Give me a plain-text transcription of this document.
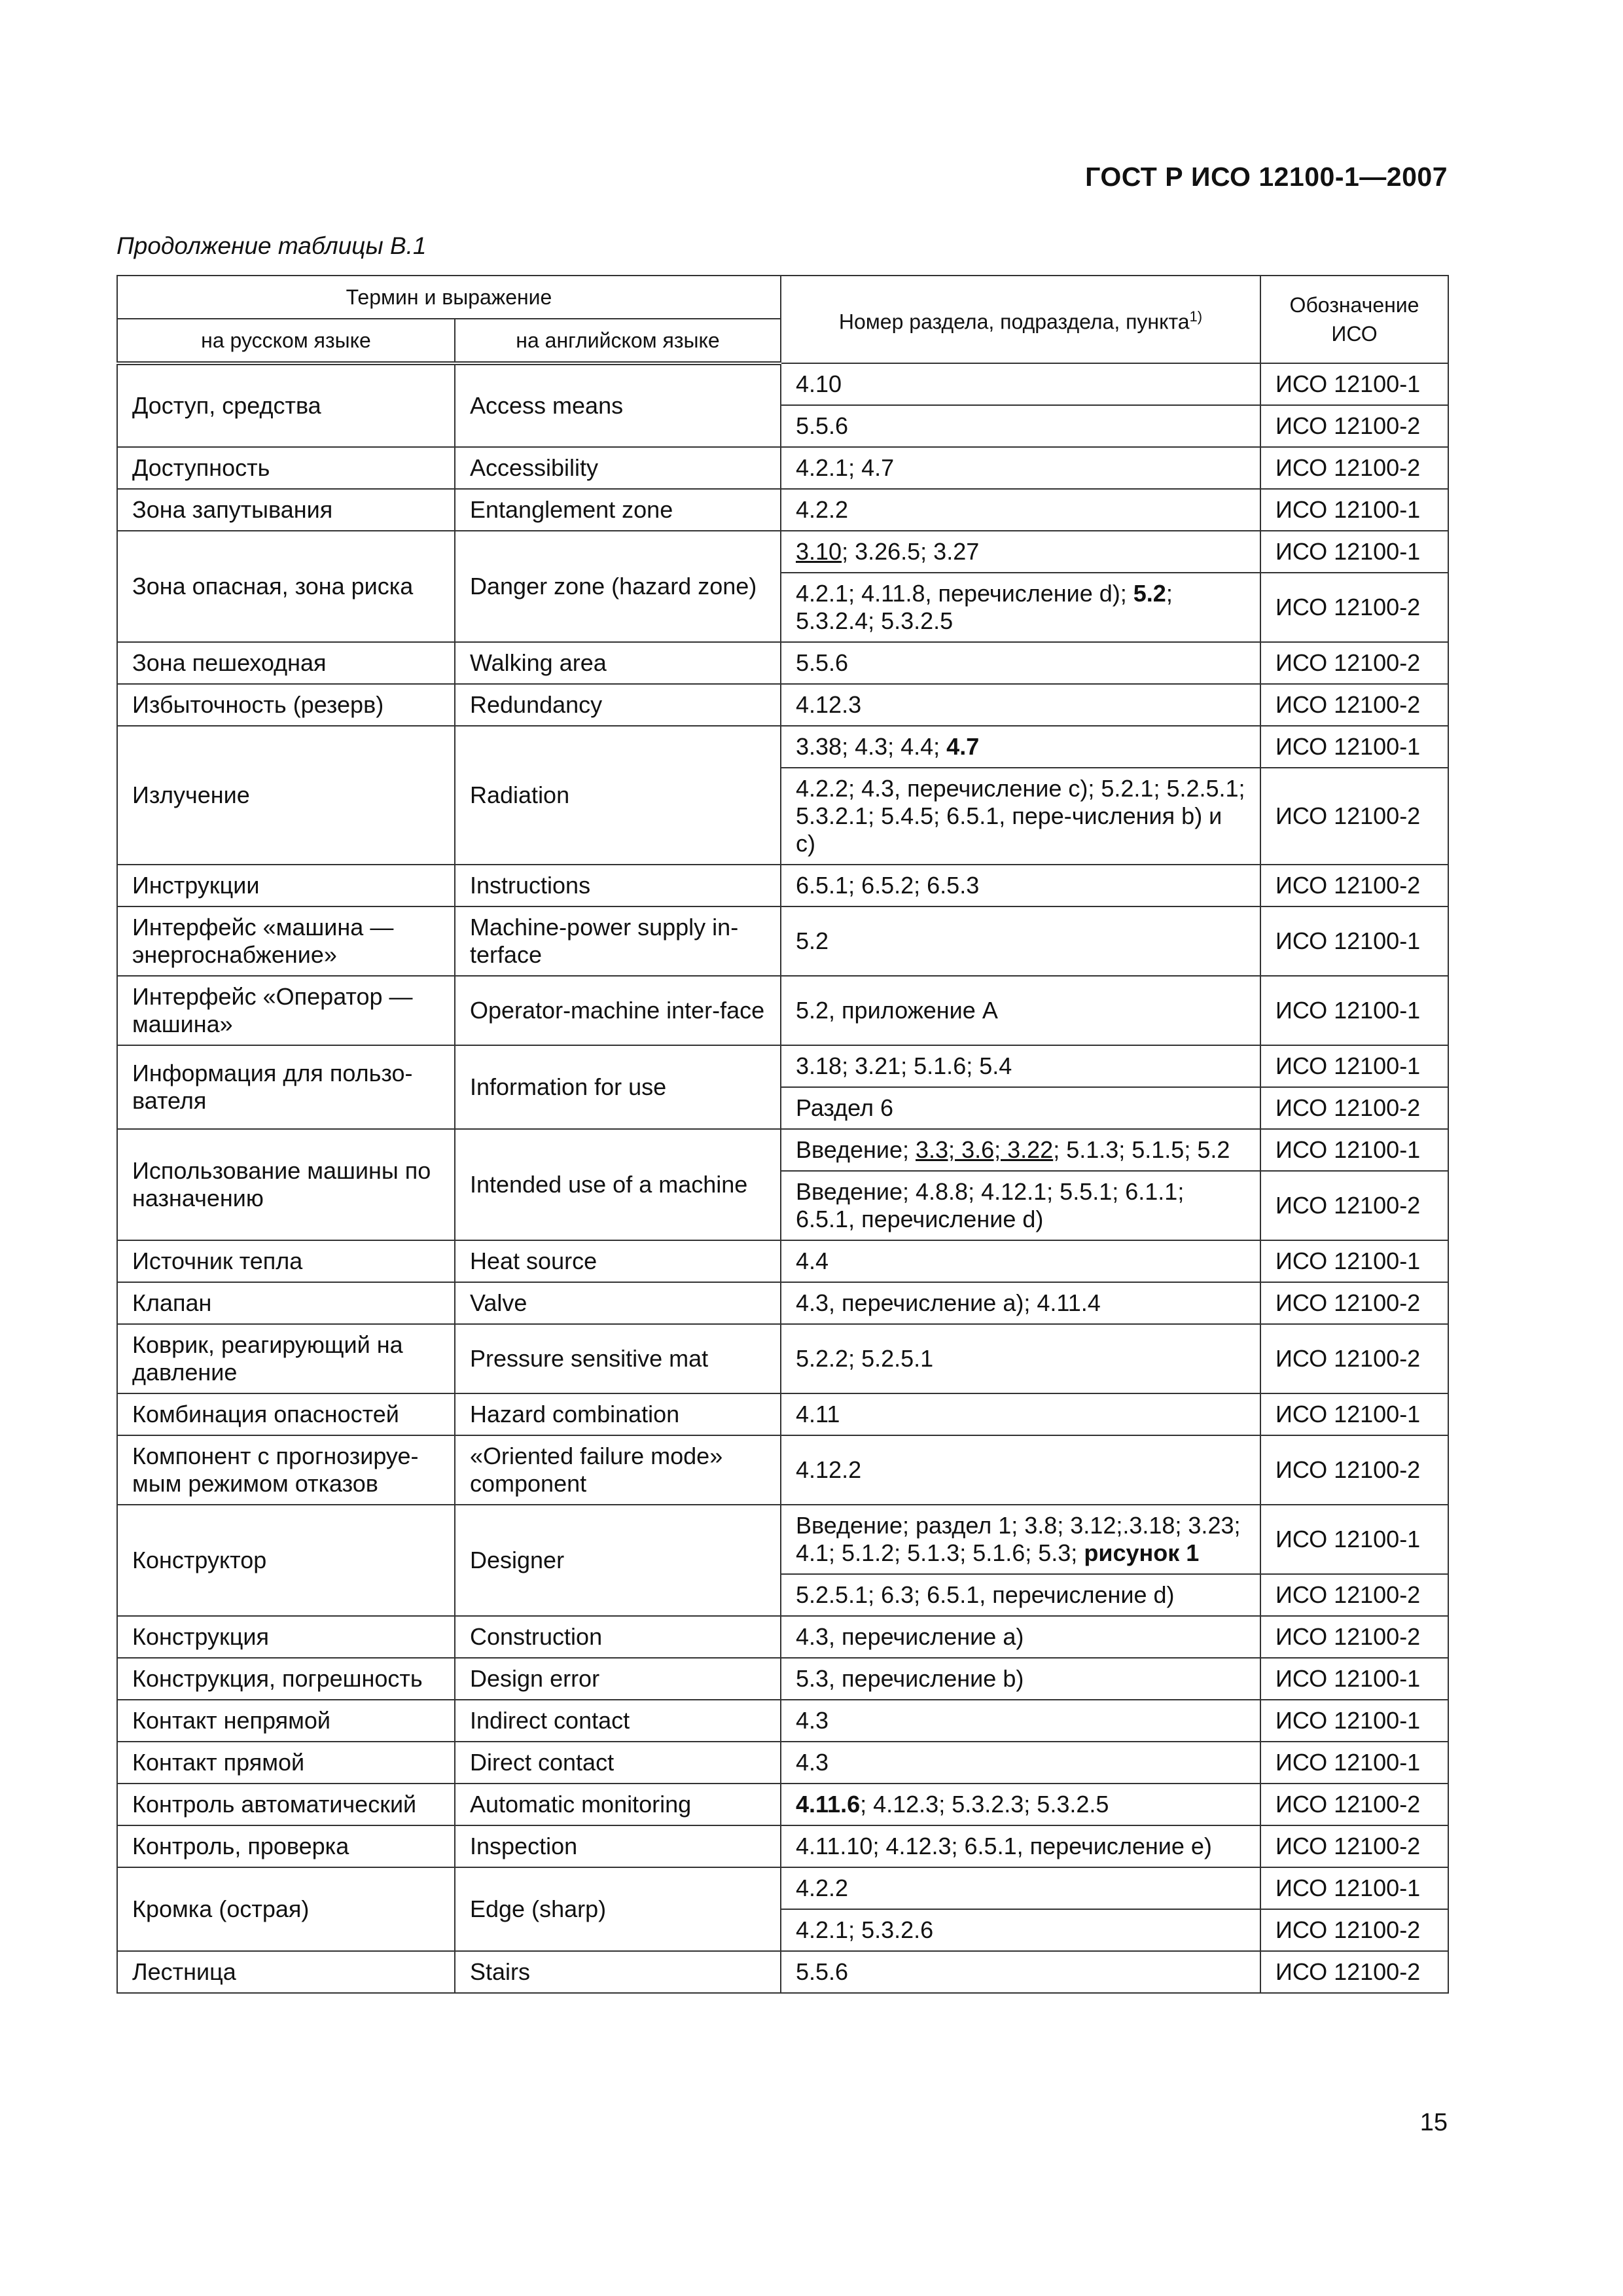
ГОСТ Р ИСО 12100-1—2007
Продолжение таблицы В.1
Термин и выражение		Номер раздела, подраздела, пункта$^{1)}$	Обозначение ИСО
на русском языке	на английском языке		
Доступ, средства	Access means	4.10	ИСО 12100-1
		5.5.6	ИСО 12100-2
Доступность	Accessibility	4.2.1; 4.7	ИСО 12100-2
Зона запутывания	Entanglement zone	4.2.2	ИСО 12100-1
Зона опасная, зона риска	Danger zone (hazard zone)	3.10; 3.26.5; 3.27	ИСО 12100-1
		4.2.1; 4.11.8, перечисление d); 5.2; 5.3.2.4; 5.3.2.5	ИСО 12100-2
Зона пешеходная	Walking area	5.5.6	ИСО 12100-2
Избыточность (резерв)	Redundancy	4.12.3	ИСО 12100-2
Излучение	Radiation	3.38; 4.3; 4.4; 4.7	ИСО 12100-1
		4.2.2; 4.3, перечисление c); 5.2.1; 5.2.5.1; 5.3.2.1; 5.4.5; 6.5.1, пере-числения b) и c)	ИСО 12100-2
Инструкции	Instructions	6.5.1; 6.5.2; 6.5.3	ИСО 12100-2
Интерфейс «машина — энергоснабжение»	Machine-power supply in-terface	5.2	ИСО 12100-1
Интерфейс «Оператор — машина»	Operator-machine inter-face	5.2, приложение А	ИСО 12100-1
Информация для пользо-вателя	Information for use	3.18; 3.21; 5.1.6; 5.4	ИСО 12100-1
		Раздел 6	ИСО 12100-2
Использование машины по назначению	Intended use of a machine	Введение; 3.3; 3.6; 3.22; 5.1.3; 5.1.5; 5.2	ИСО 12100-1
		Введение; 4.8.8; 4.12.1; 5.5.1; 6.1.1; 6.5.1, перечисление d)	ИСО 12100-2
Источник тепла	Heat source	4.4	ИСО 12100-1
Клапан	Valve	4.3, перечисление а); 4.11.4	ИСО 12100-2
Коврик, реагирующий на давление	Pressure sensitive mat	5.2.2; 5.2.5.1	ИСО 12100-2
Комбинация опасностей	Hazard combination	4.11	ИСО 12100-1
Компонент с прогнозируе-мым режимом отказов	«Oriented failure mode» component	4.12.2	ИСО 12100-2
Конструктор	Designer	Введение; раздел 1; 3.8; 3.12;.3.18; 3.23; 4.1; 5.1.2; 5.1.3; 5.1.6; 5.3; рисунок 1	ИСО 12100-1
		5.2.5.1; 6.3; 6.5.1, перечисление d)	ИСО 12100-2
Конструкция	Construction	4.3, перечисление а)	ИСО 12100-2
Конструкция, погрешность	Design error	5.3, перечисление b)	ИСО 12100-1
Контакт непрямой	Indirect contact	4.3	ИСО 12100-1
Контакт прямой	Direct contact	4.3	ИСО 12100-1
Контроль автоматический	Automatic monitoring	4.11.6; 4.12.3; 5.3.2.3; 5.3.2.5	ИСО 12100-2
Контроль, проверка	Inspection	4.11.10; 4.12.3; 6.5.1, перечисление е)	ИСО 12100-2
Кромка (острая)	Edge (sharp)	4.2.2	ИСО 12100-1
		4.2.1; 5.3.2.6	ИСО 12100-2
Лестница	Stairs	5.5.6	ИСО 12100-2
15
